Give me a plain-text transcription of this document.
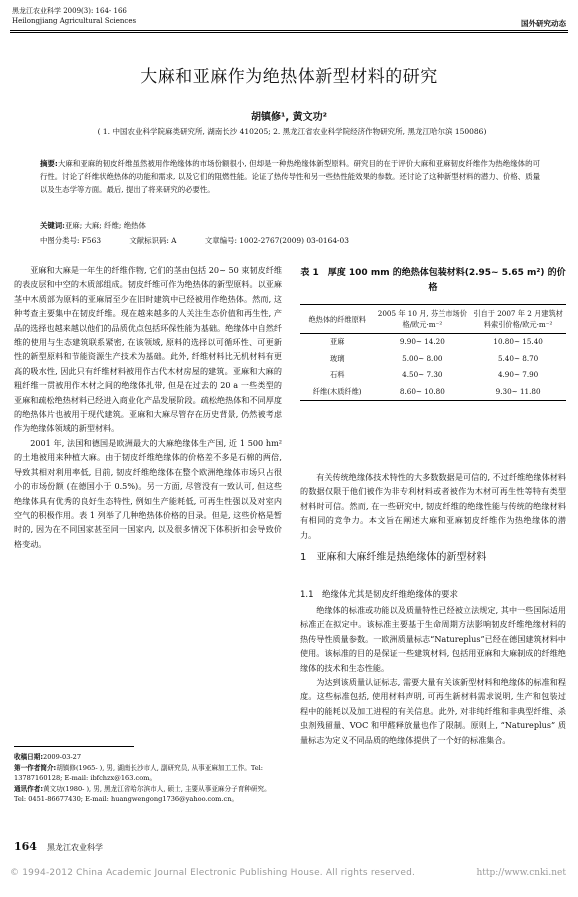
黑龙江农业科学 2009(3): 164- 166
Heilongjiang Agricultural Sciences	国外研究动态
大麻和亚麻作为绝热体新型材料的研究
胡镇修¹, 黄文功²
( 1. 中国农业科学院麻类研究所, 湖南长沙 410205; 2. 黑龙江省农业科学院经济作物研究所, 黑龙江哈尔滨 150086)
摘要:大麻和亚麻的韧皮纤维虽然被用作绝缘体的市场份额很小, 但却是一种热绝缘体新型原料。研究目的在于评价大麻和亚麻韧皮纤维作为热绝缘体的可行性。讨论了纤维状绝热体的功能和需求, 以及它们的阻燃性能。论证了热传导性和另一些热性能效果的参数。还讨论了这种新型材料的潜力、价格、质量以及生态学等方面。最后, 提出了将来研究的必要性。
关键词:亚麻; 大麻; 纤维; 绝热体
中图分类号: F563	文献标识码: A	文章编号: 1002-2767(2009) 03-0164-03

亚麻和大麻是一年生的纤维作物, 它们的茎由包括 20~ 50 束韧皮纤维的表皮层和中空的木质部组成。韧皮纤维可作为绝热体的新型原料。以亚麻茎中木质部为原料的亚麻屑至少在旧时建筑中已经被用作绝热体。然而, 这种考查主要集中在韧皮纤维。现在越来越多的人关注生态价值和再生性, 产品的选择也越来越以他们的品质优点包括环保性能为基础。绝缘体中自然纤维的使用与生态建筑联系紧密, 在该领域, 原料的选择以可循环性、可更新性的新型原料和节能资源生产技术为基础。此外, 纤维材料比无机材料有更高的吸水性, 因此只有纤维材料被用作古代木材房屋的建筑。亚麻和大麻的粗纤维一贯被用作木材之间的绝缘体扎带, 但是在过去的 20 a 一些类型的亚麻和疏松绝热材料已经进入商业化产品发展阶段。疏松绝热体和不同厚度的绝热体片也被用于现代建筑。亚麻和大麻尽管存在历史背景, 仍然被考虑作为绝缘体领域的新型材料。

2001 年, 法国和德国是欧洲最大的大麻绝缘体生产国, 近 1 500 hm² 的土地被用来种植大麻。由于韧皮纤维绝缘体的价格差不多是石棉的两倍, 导致其相对利用率低, 目前, 韧皮纤维绝缘体在整个欧洲绝缘体市场只占很小的市场份额 (在德国小于 0.5%)。另一方面, 尽管没有一致认可, 但这些绝缘体具有优秀的良好生态特性, 例如生产能耗低, 可再生性强以及对室内空气的积极作用。表 1 列举了几种绝热体价格的目录。但是, 这些价格是暂时的, 因为在不同国家甚至同一国家内, 以及很多情况下体积折扣会导致价格变动。

表 1　厚度 100 mm 的绝热体包装材料(2.95~ 5.65 m²) 的价格
绝热体的纤维原料	2005 年 10 月, 芬兰市场价格/欧元·m⁻²	引自于 2007 年 2 月建筑材料索引价格/欧元·m⁻²
亚麻	9.90~ 14.20	10.80~ 15.40
玻璃	5.00~ 8.00	5.40~ 8.70
石料	4.50~ 7.30	4.90~ 7.90
纤维(木质纤维)	8.60~ 10.80	9.30~ 11.80

有关传统绝缘体技术特性的大多数数据是可信的, 不过纤维绝缘体材料的数据仅限于他们被作为非专利材料或者被作为木材可再生性等特有类型材料时可信。然而, 在一些研究中, 韧皮纤维的绝缘性能与传统的绝缘材料有相同的竞争力。本文旨在阐述大麻和亚麻韧皮纤维作为热绝缘体的潜力。

1　亚麻和大麻纤维是热绝缘体的新型材料
1.1　绝缘体尤其是韧皮纤维绝缘体的要求

绝缘体的标准或功能以及质量特性已经被立法规定, 其中一些国际适用标准正在拟定中。该标准主要基于生命周期方法影响韧皮纤维绝缘材料的热传导性质量参数。一欧洲质量标志“Natureplus”已经在德国建筑材料中使用。该标准的目的是保证一些建筑材料, 包括用亚麻和大麻制成的纤维绝缘体的技术和生态性能。

为达到该质量认证标志, 需要大量有关该新型材料和绝缘体的标准和程度。这些标准包括, 使用材料声明, 可再生新材料需求说明, 生产和包装过程中的能耗以及加工进程的有关信息。此外, 对非纯纤维和非典型纤维、杀虫剂残留量、VOC 和甲醛释放量也作了限制。原则上, “Natureplus” 质量标志为定义不同品质的绝缘体提供了一个好的标准集合。

收稿日期:2009-03-27
第一作者简介:胡镇修(1965- ), 男, 湖南长沙市人, 副研究员, 从事亚麻加工工作。Tel: 13787160128; E-mail: ibfchzx@163.com。
通讯作者:黄文功(1980- ), 男, 黑龙江省哈尔滨市人, 硕士, 主要从事亚麻分子育种研究。Tel: 0451-86677430; E-mail: huangwengong1736@yahoo.com.cn。
164 黑龙江农业科学
© 1994-2012 China Academic Journal Electronic Publishing House. All rights reserved.	http://www.cnki.net
